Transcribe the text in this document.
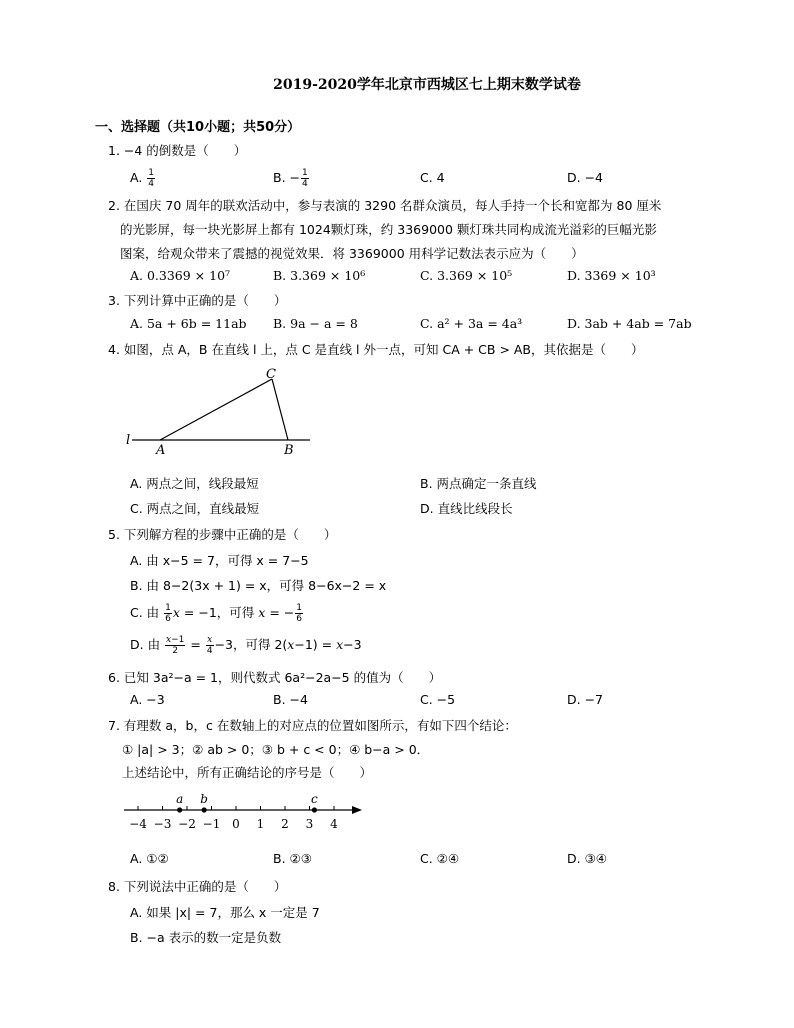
2019-2020学年北京市西城区七上期末数学试卷
一、选择题（共10小题；共50分）
1. −4 的倒数是（　　）
A. $\frac{1}{4}$	B. − $\frac{1}{4}$	C. 4	D. −4
2. 在国庆 70 周年的联欢活动中，参与表演的 3290 名群众演员，每人手持一个长和宽都为 80 厘米
的光影屏，每一块光影屏上都有 1024颗灯珠，约 3369000 颗灯珠共同构成流光溢彩的巨幅光影
图案，给观众带来了震撼的视觉效果．将 3369000 用科学记数法表示应为（　　）
A. 0.3369 × 10⁷	B. 3.369 × 10⁶	C. 3.369 × 10⁵	D. 3369 × 10³
3. 下列计算中正确的是（　　）
A. 5a + 6b = 11ab B. 9a − a = 8	C. a² + 3a = 4a³	D. 3ab + 4ab = 7ab
4. 如图，点 A，B 在直线 l 上，点 C 是直线 l 外一点，可知 CA + CB > AB，其依据是（　　）
C
A	B
l
A. 两点之间，线段最短	B. 两点确定一条直线
C. 两点之间，直线最短	D. 直线比线段长
5. 下列解方程的步骤中正确的是（　　）
A. 由 x−5 = 7，可得 x = 7−5
B. 由 8−2(3x + 1) = x，可得 8−6x−2 = x
C. 由 $\frac{1}{6}$ x = −1，可得 x = − $\frac{1}{6}$
D. 由 $\frac{x-1}{2} = \frac{x}{4} -3$，可得 2(x−1) = x−3
6. 已知 3a²−a = 1，则代数式 6a²−2a−5 的值为（　　）
A. −3	B. −4	C. −5	D. −7
7. 有理数 a，b，c 在数轴上的对应点的位置如图所示，有如下四个结论：
① |a| > 3；② ab > 0；③ b + c < 0；④ b−a > 0．
上述结论中，所有正确结论的序号是（　　）
−4 −3 −2 −1 0 1 2 3 4
a b	c
A. ①②	B. ②③	C. ②④	D. ③④
8. 下列说法中正确的是（　　）
A. 如果 |x| = 7，那么 x 一定是 7
B. −a 表示的数一定是负数
